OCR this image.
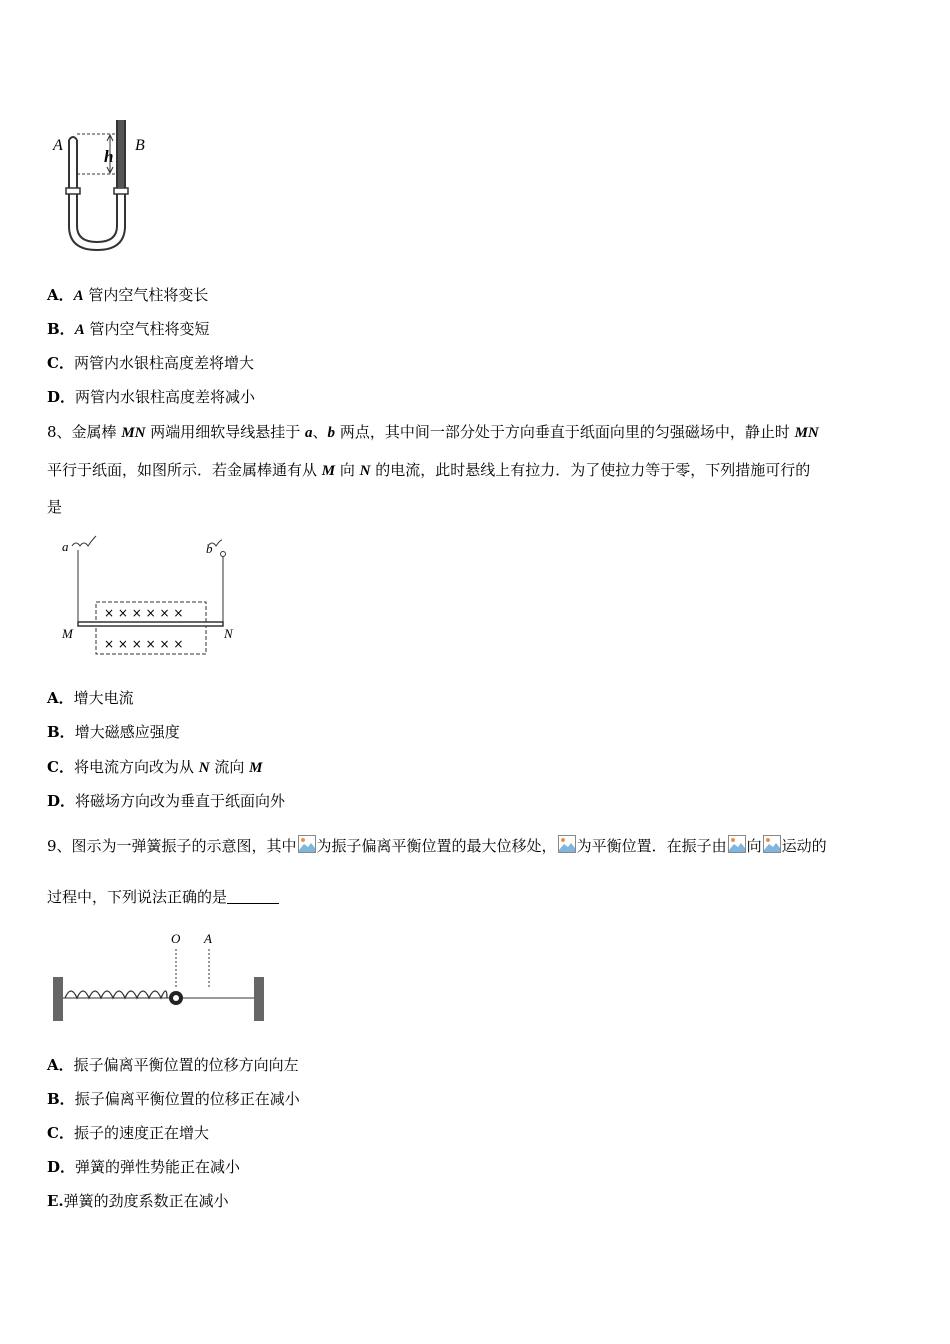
A	B
h
A．A 管内空气柱将变长
B．A 管内空气柱将变短
C．两管内水银柱高度差将增大
D．两管内水银柱高度差将减小
8、金属棒 MN 两端用细软导线悬挂于 a、b 两点，其中间一部分处于方向垂直于纸面向里的匀强磁场中，静止时 MN
平行于纸面，如图所示．若金属棒通有从 M 向 N 的电流，此时悬线上有拉力．为了使拉力等于零，下列措施可行的
是
a	b
× × × × × ×
× × × × × ×
M	N
A．增大电流
B．增大磁感应强度
C．将电流方向改为从 N 流向 M
D．将磁场方向改为垂直于纸面向外
9、图示为一弹簧振子的示意图，其中 为振子偏离平衡位置的最大位移处， 为平衡位置．在振子由 向 运动的
过程中，下列说法正确的是
O A
A．振子偏离平衡位置的位移方向向左
B．振子偏离平衡位置的位移正在减小
C．振子的速度正在增大
D．弹簧的弹性势能正在减小
E.弹簧的劲度系数正在减小
